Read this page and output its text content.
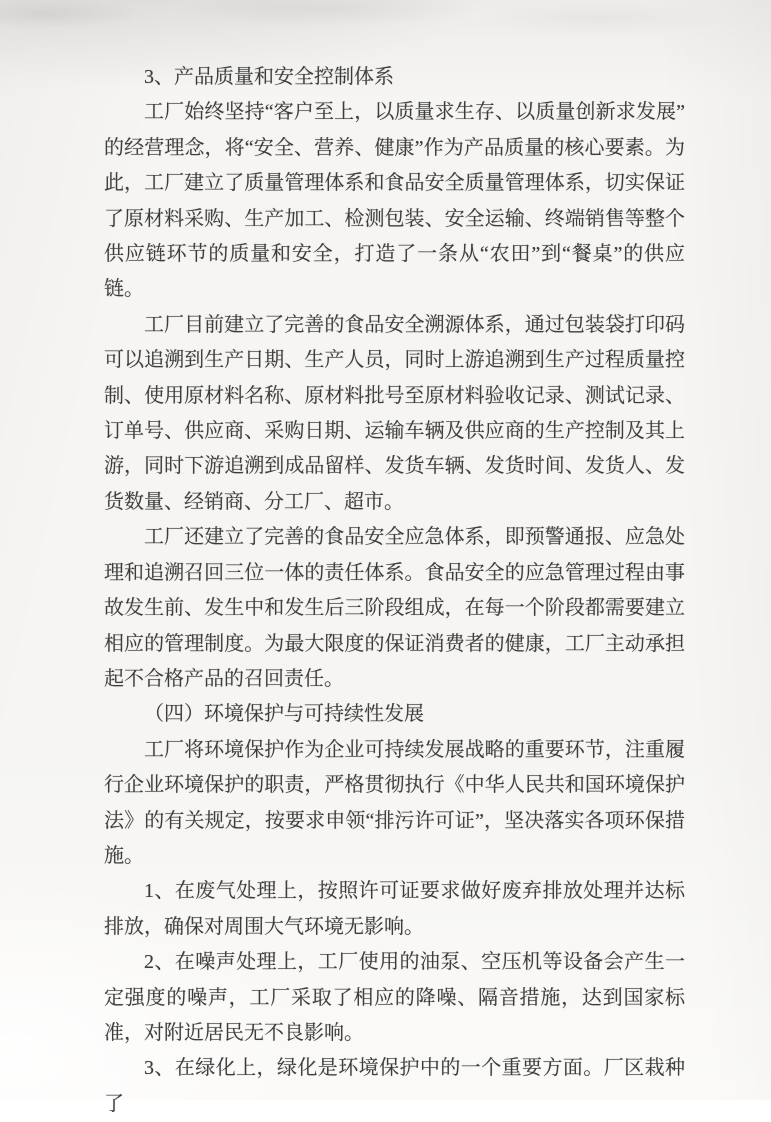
3、产品质量和安全控制体系

工厂始终坚持“客户至上，以质量求生存、以质量创新求发展”的经营理念，将“安全、营养、健康”作为产品质量的核心要素。为此，工厂建立了质量管理体系和食品安全质量管理体系，切实保证了原材料采购、生产加工、检测包装、安全运输、终端销售等整个供应链环节的质量和安全，打造了一条从“农田”到“餐桌”的供应链。

工厂目前建立了完善的食品安全溯源体系，通过包装袋打印码可以追溯到生产日期、生产人员，同时上游追溯到生产过程质量控制、使用原材料名称、原材料批号至原材料验收记录、测试记录、订单号、供应商、采购日期、运输车辆及供应商的生产控制及其上游，同时下游追溯到成品留样、发货车辆、发货时间、发货人、发货数量、经销商、分工厂、超市。

工厂还建立了完善的食品安全应急体系，即预警通报、应急处理和追溯召回三位一体的责任体系。食品安全的应急管理过程由事故发生前、发生中和发生后三阶段组成，在每一个阶段都需要建立相应的管理制度。为最大限度的保证消费者的健康，工厂主动承担起不合格产品的召回责任。

（四）环境保护与可持续性发展

工厂将环境保护作为企业可持续发展战略的重要环节，注重履行企业环境保护的职责，严格贯彻执行《中华人民共和国环境保护法》的有关规定，按要求申领“排污许可证”，坚决落实各项环保措施。

1、在废气处理上，按照许可证要求做好废弃排放处理并达标排放，确保对周围大气环境无影响。

2、在噪声处理上，工厂使用的油泵、空压机等设备会产生一定强度的噪声，工厂采取了相应的降噪、隔音措施，达到国家标准，对附近居民无不良影响。

3、在绿化上，绿化是环境保护中的一个重要方面。厂区栽种了
